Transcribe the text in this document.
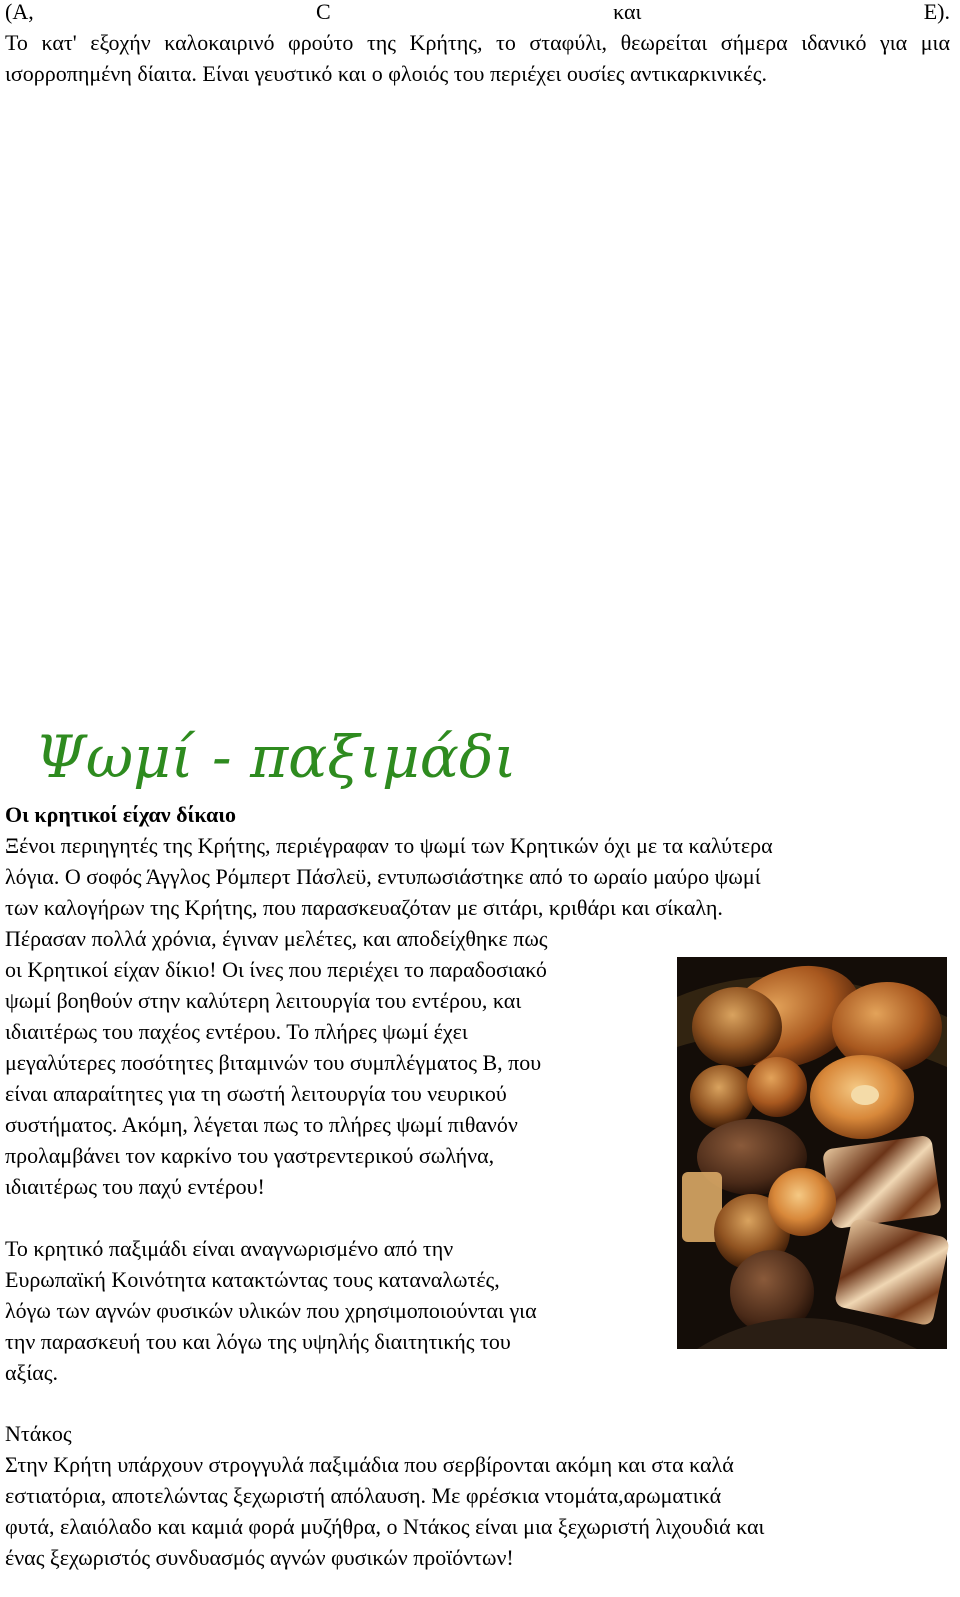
(A,	C	και	E).
Το κατ' εξοχήν καλοκαιρινό φρούτο της Κρήτης, το σταφύλι, θεωρείται σήμερα ιδανικό για μια ισορροπημένη δίαιτα. Είναι γευστικό και ο φλοιός του περιέχει ουσίες αντικαρκινικές.
Ψωμί - παξιμάδι
Οι κρητικοί είχαν δίκαιο
Ξένοι περιηγητές της Κρήτης, περιέγραφαν το ψωμί των Κρητικών όχι με τα καλύτερα
λόγια. Ο σοφός Άγγλος Ρόμπερτ Πάσλεϋ, εντυπωσιάστηκε από το ωραίο μαύρο ψωμί
των καλογήρων της Κρήτης, που παρασκευαζόταν με σιτάρι, κριθάρι και σίκαλη.
Πέρασαν πολλά χρόνια, έγιναν μελέτες, και αποδείχθηκε πως
οι Κρητικοί είχαν δίκιο! Οι ίνες που περιέχει το παραδοσιακό
ψωμί βοηθούν στην καλύτερη λειτουργία του εντέρου, και
ιδιαιτέρως του παχέος εντέρου. Το πλήρες ψωμί έχει
μεγαλύτερες ποσότητες βιταμινών του συμπλέγματος Β, που
είναι απαραίτητες για τη σωστή λειτουργία του νευρικού
συστήματος. Ακόμη, λέγεται πως το πλήρες ψωμί πιθανόν
προλαμβάνει τον καρκίνο του γαστρεντερικού σωλήνα,
ιδιαιτέρως του παχύ εντέρου!
Το κρητικό παξιμάδι είναι αναγνωρισμένο από την
Ευρωπαϊκή Κοινότητα κατακτώντας τους καταναλωτές,
λόγω των αγνών φυσικών υλικών που χρησιμοποιούνται για
την παρασκευή του και λόγω της υψηλής διαιτητικής του
αξίας.
Ντάκος
Στην Κρήτη υπάρχουν στρογγυλά παξιμάδια που σερβίρονται ακόμη και στα καλά
εστιατόρια, αποτελώντας ξεχωριστή απόλαυση. Με φρέσκια ντομάτα,αρωματικά
φυτά, ελαιόλαδο και καμιά φορά μυζήθρα, ο Ντάκος είναι μια ξεχωριστή λιχουδιά και
ένας ξεχωριστός συνδυασμός αγνών φυσικών προϊόντων!
